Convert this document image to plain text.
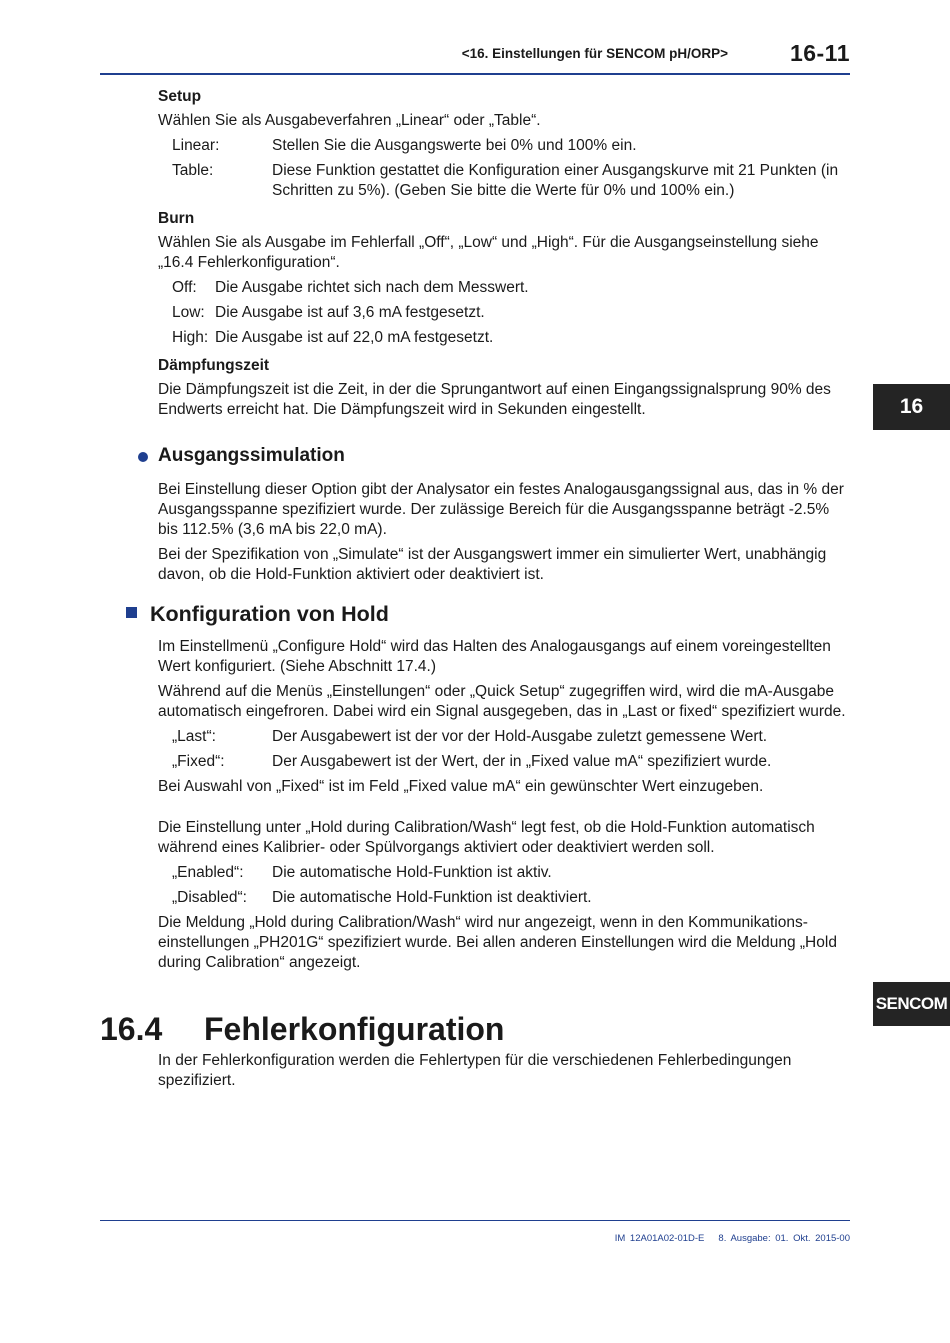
<16. Einstellungen für SENCOM pH/ORP>	16-11
16
SENCOM
Setup

Wählen Sie als Ausgabeverfahren „Linear“ oder „Table“.

Linear:	Stellen Sie die Ausgangswerte bei 0% und 100% ein.
Table:	Diese Funktion gestattet die Konfiguration einer Ausgangskurve mit 21 Punkten (in Schritten zu 5%). (Geben Sie bitte die Werte für 0% und 100% ein.)
Burn

Wählen Sie als Ausgabe im Fehlerfall „Off“, „Low“ und „High“. Für die Ausgangseinstellung siehe „16.4 Fehlerkonfiguration“.

Off:	Die Ausgabe richtet sich nach dem Messwert.
Low: Die Ausgabe ist auf 3,6 mA festgesetzt.
High: Die Ausgabe ist auf 22,0 mA festgesetzt.
Dämpfungszeit

Die Dämpfungszeit ist die Zeit, in der die Sprungantwort auf einen Eingangssignalsprung 90% des Endwerts erreicht hat. Die Dämpfungszeit wird in Sekunden eingestellt.

Ausgangssimulation

Bei Einstellung dieser Option gibt der Analysator ein festes Analogausgangssignal aus, das in % der Ausgangsspanne spezifiziert wurde. Der zulässige Bereich für die Ausgangsspanne beträgt -2.5% bis 112.5% (3,6 mA bis 22,0 mA).

Bei der Spezifikation von „Simulate“ ist der Ausgangswert immer ein simulierter Wert, unabhängig davon, ob die Hold-Funktion aktiviert oder deaktiviert ist.

Konfiguration von Hold

Im Einstellmenü „Configure Hold“ wird das Halten des Analogausgangs auf einem voreingestellten Wert konfiguriert. (Siehe Abschnitt 17.4.)

Während auf die Menüs „Einstellungen“ oder „Quick Setup“ zugegriffen wird, wird die mA-Ausgabe automatisch eingefroren. Dabei wird ein Signal ausgegeben, das in „Last or fixed“ spezifiziert wurde.

„Last“:	Der Ausgabewert ist der vor der Hold-Ausgabe zuletzt gemessene Wert.
„Fixed“:	Der Ausgabewert ist der Wert, der in „Fixed value mA“ spezifiziert wurde.

Bei Auswahl von „Fixed“ ist im Feld „Fixed value mA“ ein gewünschter Wert einzugeben.

Die Einstellung unter „Hold during Calibration/Wash“ legt fest, ob die Hold-Funktion automatisch während eines Kalibrier- oder Spülvorgangs aktiviert oder deaktiviert werden soll.

„Enabled“:	Die automatische Hold-Funktion ist aktiv.
„Disabled“:	Die automatische Hold-Funktion ist deaktiviert.

Die Meldung „Hold during Calibration/Wash“ wird nur angezeigt, wenn in den Kommunikations-einstellungen „PH201G“ spezifiziert wurde. Bei allen anderen Einstellungen wird die Meldung „Hold during Calibration“ angezeigt.

16.4	Fehlerkonfiguration

In der Fehlerkonfiguration werden die Fehlertypen für die verschiedenen Fehlerbedingungen spezifiziert.

IM 12A01A02-01D-E 8. Ausgabe: 01. Okt. 2015-00
